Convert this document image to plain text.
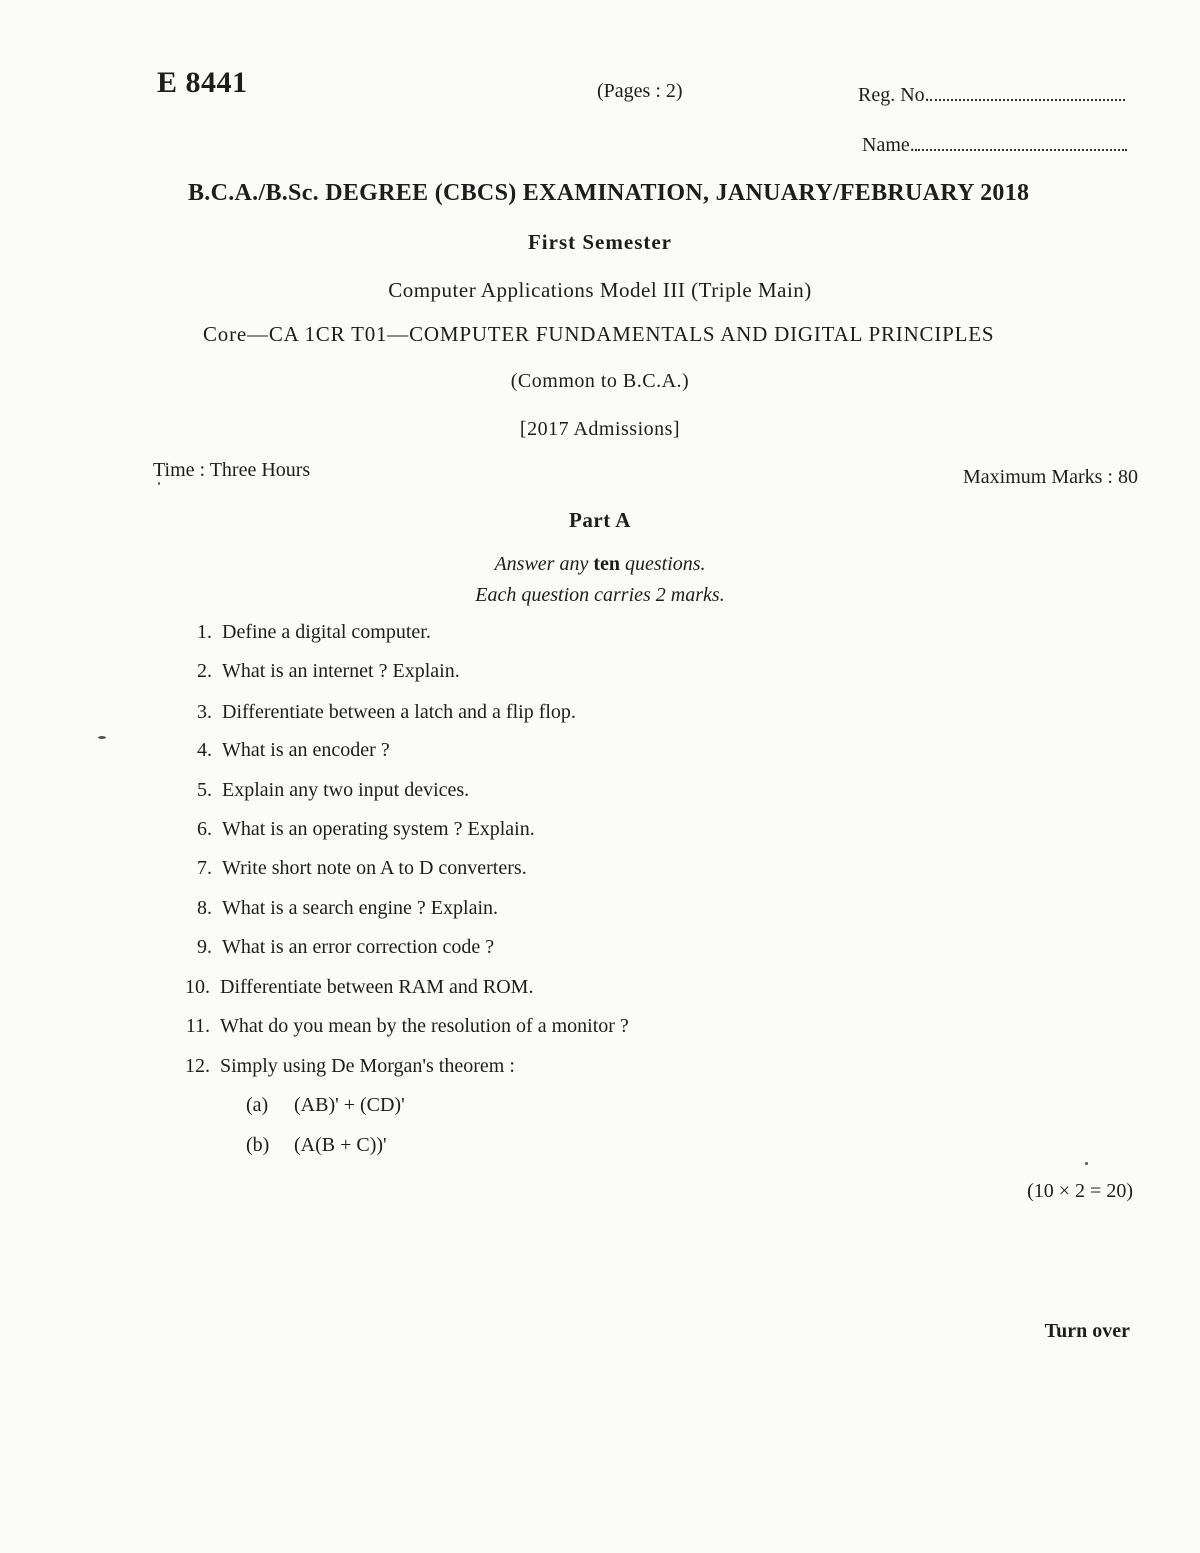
E 8441	(Pages : 2)	Reg. No.
Name.
B.C.A./B.Sc. DEGREE (CBCS) EXAMINATION, JANUARY/FEBRUARY 2018
First Semester
Computer Applications Model III (Triple Main)
Core—CA 1CR T01—COMPUTER FUNDAMENTALS AND DIGITAL PRINCIPLES
(Common to B.C.A.)
[2017 Admissions]
Time : Three Hours	Maximum Marks : 80
Part A
Answer any ten questions.
Each question carries 2 marks.
1. Define a digital computer.
2. What is an internet ? Explain.
3. Differentiate between a latch and a flip flop.
4. What is an encoder ?
5. Explain any two input devices.
6. What is an operating system ? Explain.
7. Write short note on A to D converters.
8. What is a search engine ? Explain.
9. What is an error correction code ?
10. Differentiate between RAM and ROM.
11. What do you mean by the resolution of a monitor ?
12. Simply using De Morgan's theorem :
(a) (AB)' + (CD)'
(b) (A(B + C))'
(10 × 2 = 20)
Turn over
